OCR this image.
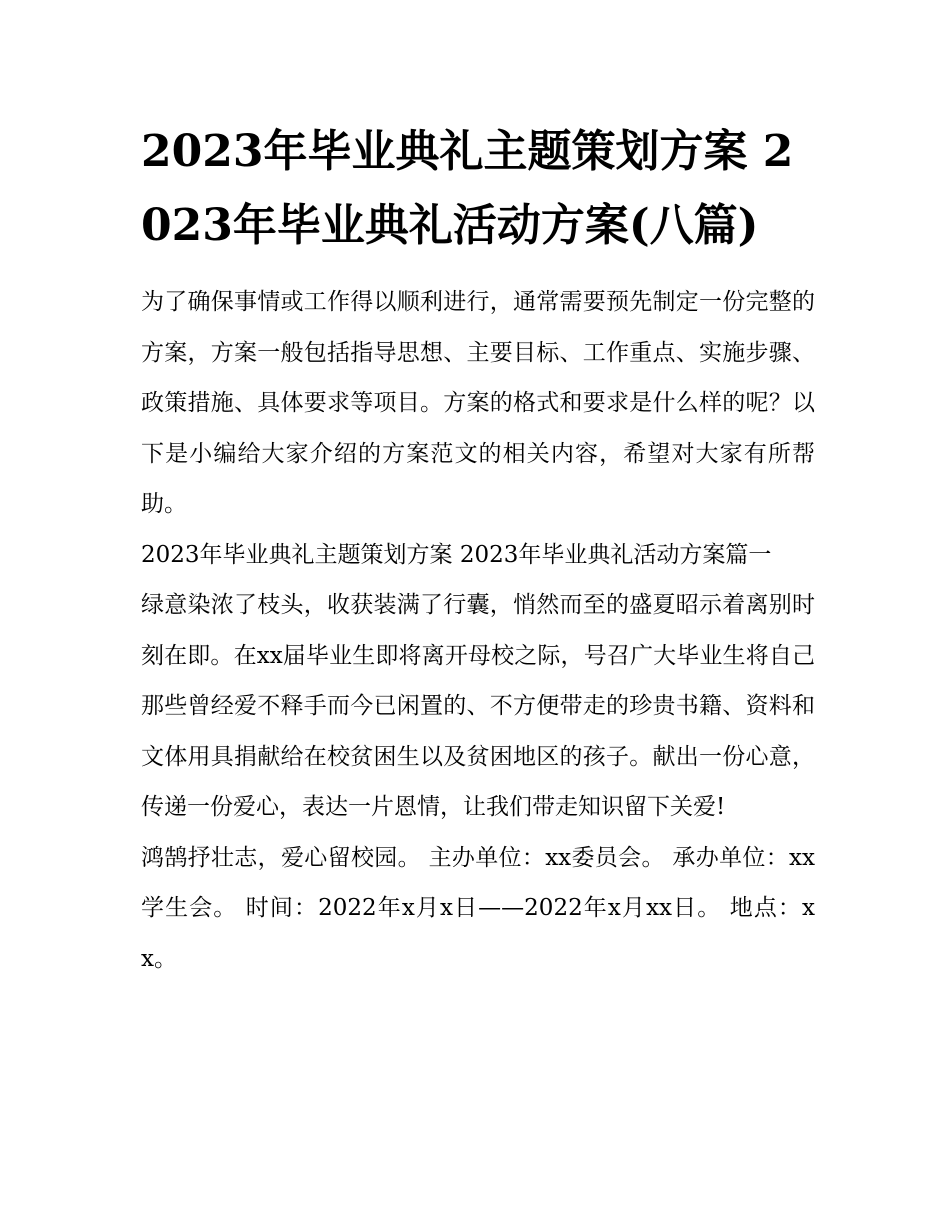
2023年毕业典礼主题策划方案 2023年毕业典礼活动方案(八篇)

为了确保事情或工作得以顺利进行，通常需要预先制定一份完整的方案，方案一般包括指导思想、主要目标、工作重点、实施步骤、政策措施、具体要求等项目。方案的格式和要求是什么样的呢？以下是小编给大家介绍的方案范文的相关内容，希望对大家有所帮助。

2023年毕业典礼主题策划方案 2023年毕业典礼活动方案篇一

绿意染浓了枝头，收获装满了行囊，悄然而至的盛夏昭示着离别时刻在即。在xx届毕业生即将离开母校之际，号召广大毕业生将自己那些曾经爱不释手而今已闲置的、不方便带走的珍贵书籍、资料和文体用具捐献给在校贫困生以及贫困地区的孩子。献出一份心意，传递一份爱心，表达一片恩情，让我们带走知识留下关爱!

鸿鹄抒壮志，爱心留校园。 主办单位：xx委员会。 承办单位：xx学生会。 时间：2022年x月x日——2022年x月xx日。 地点：xx。
